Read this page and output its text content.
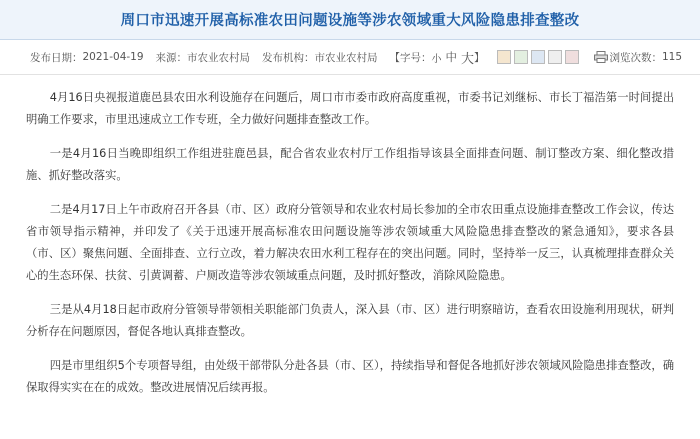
周口市迅速开展高标准农田问题设施等涉农领域重大风险隐患排查整改
发布日期： 2021-04-19 来源： 市农业农村局 发布机构： 市农业农村局 【字号： 小 中 大 】	浏览次数： 115

4月16日央视报道鹿邑县农田水利设施存在问题后，周口市市委市政府高度重视，市委书记刘继标、市长丁福浩第一时间提出明确工作要求，市里迅速成立工作专班，全力做好问题排查整改工作。

一是4月16日当晚即组织工作组进驻鹿邑县，配合省农业农村厅工作组指导该县全面排查问题、制订整改方案、细化整改措施、抓好整改落实。

二是4月17日上午市政府召开各县（市、区）政府分管领导和农业农村局长参加的全市农田重点设施排查整改工作会议，传达省市领导指示精神，并印发了《关于迅速开展高标准农田问题设施等涉农领域重大风险隐患排查整改的紧急通知》，要求各县（市、区）聚焦问题、全面排查、立行立改，着力解决农田水利工程存在的突出问题。同时，坚持举一反三，认真梳理排查群众关心的生态环保、扶贫、引黄调蓄、户厕改造等涉农领域重点问题，及时抓好整改，消除风险隐患。

三是从4月18日起市政府分管领导带领相关职能部门负责人，深入县（市、区）进行明察暗访，查看农田设施利用现状，研判分析存在问题原因，督促各地认真排查整改。

四是市里组织5个专项督导组，由处级干部带队分赴各县（市、区），持续指导和督促各地抓好涉农领域风险隐患排查整改，确保取得实实在在的成效。整改进展情况后续再报。
